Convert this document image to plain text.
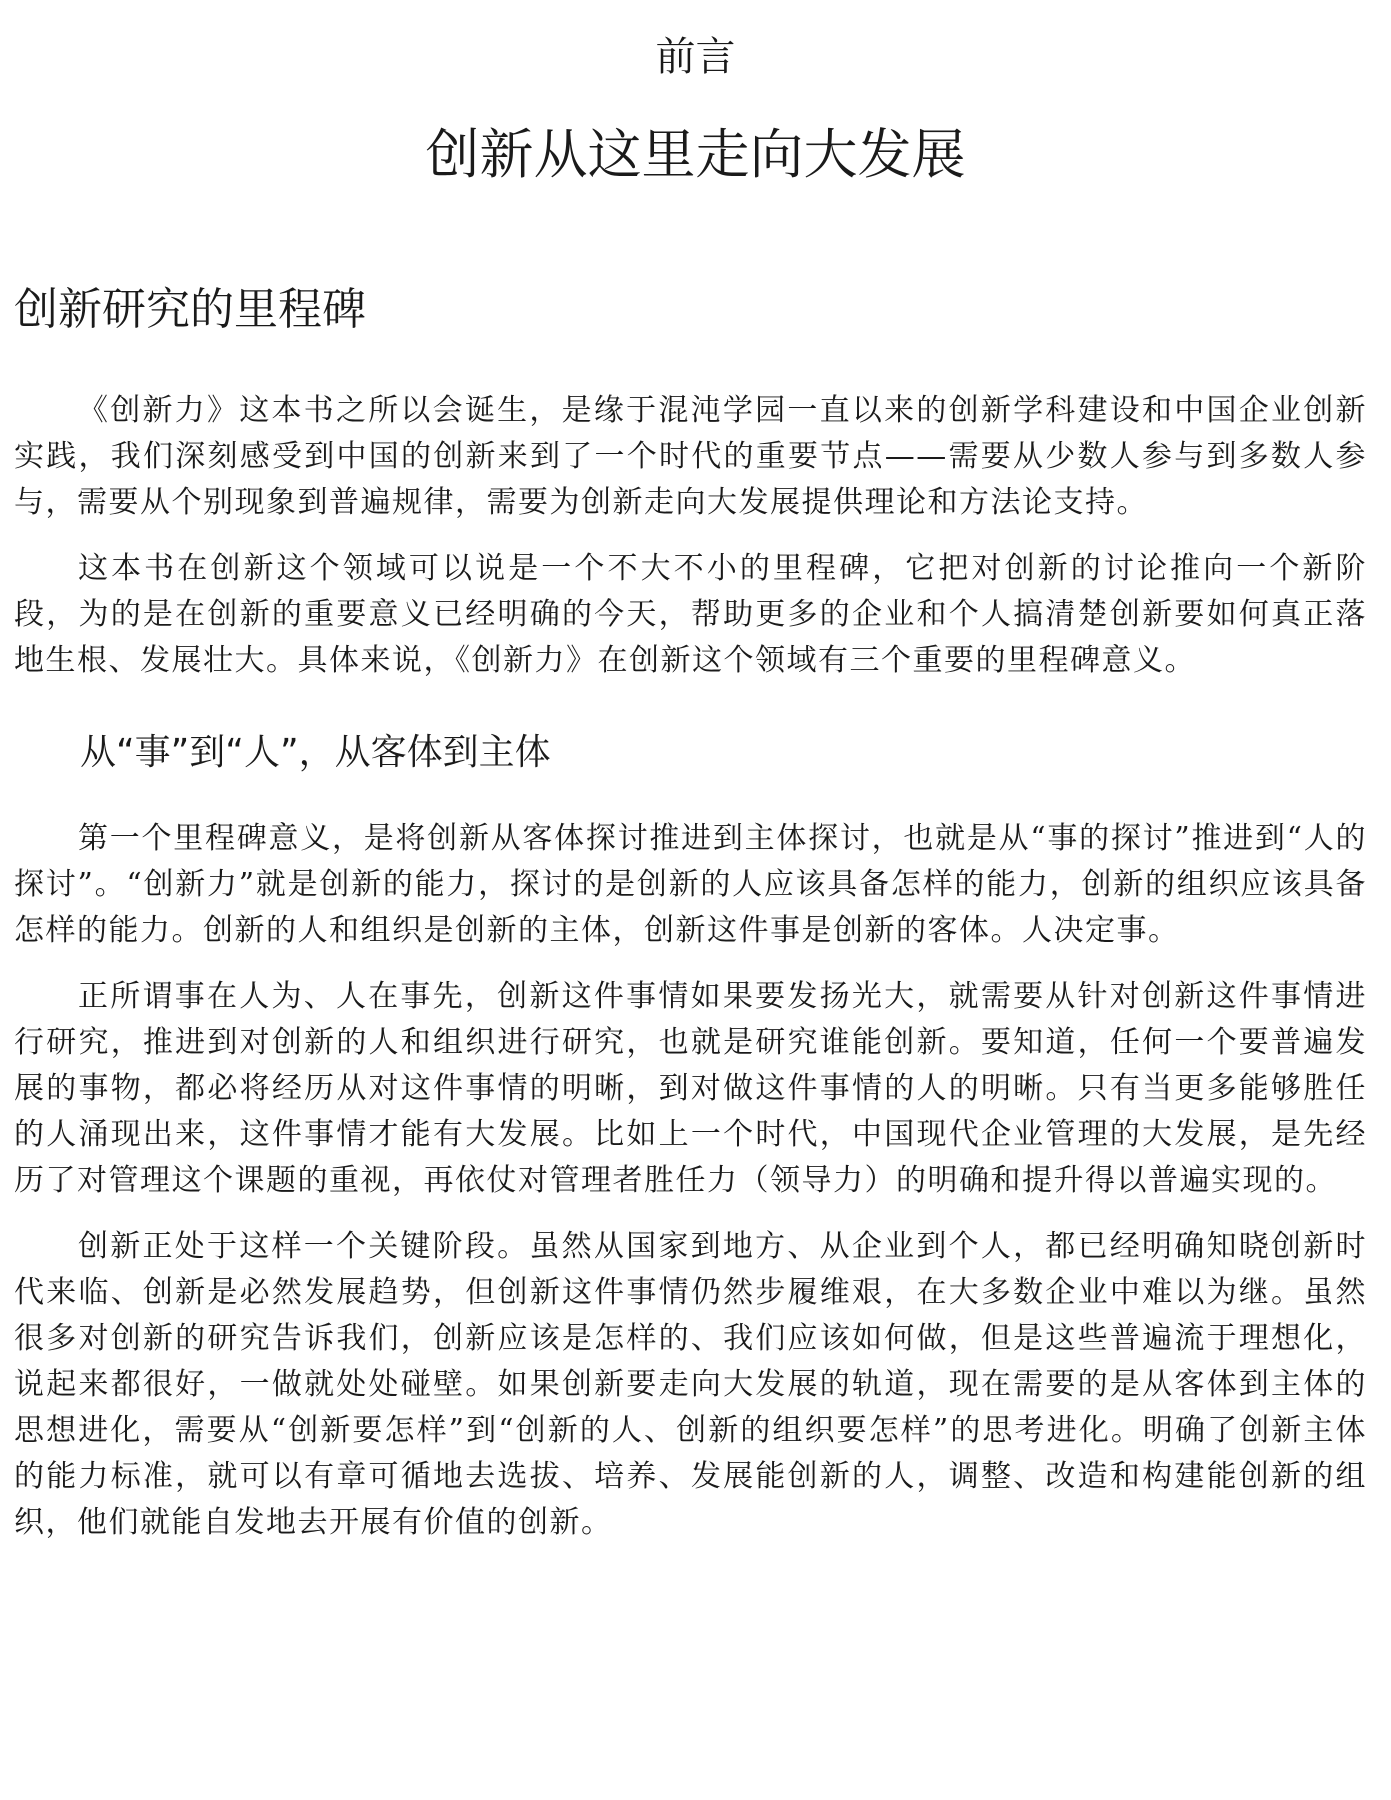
前言
创新从这里走向大发展
创新研究的里程碑

《创新力》这本书之所以会诞生，是缘于混沌学园一直以来的创新学科建设和中国企业创新实践，我们深刻感受到中国的创新来到了一个时代的重要节点——需要从少数人参与到多数人参与，需要从个别现象到普遍规律，需要为创新走向大发展提供理论和方法论支持。

这本书在创新这个领域可以说是一个不大不小的里程碑，它把对创新的讨论推向一个新阶段，为的是在创新的重要意义已经明确的今天，帮助更多的企业和个人搞清楚创新要如何真正落地生根、发展壮大。具体来说，《创新力》在创新这个领域有三个重要的里程碑意义。

从“事”到“人”，从客体到主体

第一个里程碑意义，是将创新从客体探讨推进到主体探讨，也就是从“事的探讨”推进到“人的探讨”。“创新力”就是创新的能力，探讨的是创新的人应该具备怎样的能力，创新的组织应该具备怎样的能力。创新的人和组织是创新的主体，创新这件事是创新的客体。人决定事。

正所谓事在人为、人在事先，创新这件事情如果要发扬光大，就需要从针对创新这件事情进行研究，推进到对创新的人和组织进行研究，也就是研究谁能创新。要知道，任何一个要普遍发展的事物，都必将经历从对这件事情的明晰，到对做这件事情的人的明晰。只有当更多能够胜任的人涌现出来，这件事情才能有大发展。比如上一个时代，中国现代企业管理的大发展，是先经历了对管理这个课题的重视，再依仗对管理者胜任力（领导力）的明确和提升得以普遍实现的。

创新正处于这样一个关键阶段。虽然从国家到地方、从企业到个人，都已经明确知晓创新时代来临、创新是必然发展趋势，但创新这件事情仍然步履维艰，在大多数企业中难以为继。虽然很多对创新的研究告诉我们，创新应该是怎样的、我们应该如何做，但是这些普遍流于理想化，说起来都很好，一做就处处碰壁。如果创新要走向大发展的轨道，现在需要的是从客体到主体的思想进化，需要从“创新要怎样”到“创新的人、创新的组织要怎样”的思考进化。明确了创新主体的能力标准，就可以有章可循地去选拔、培养、发展能创新的人，调整、改造和构建能创新的组织，他们就能自发地去开展有价值的创新。
